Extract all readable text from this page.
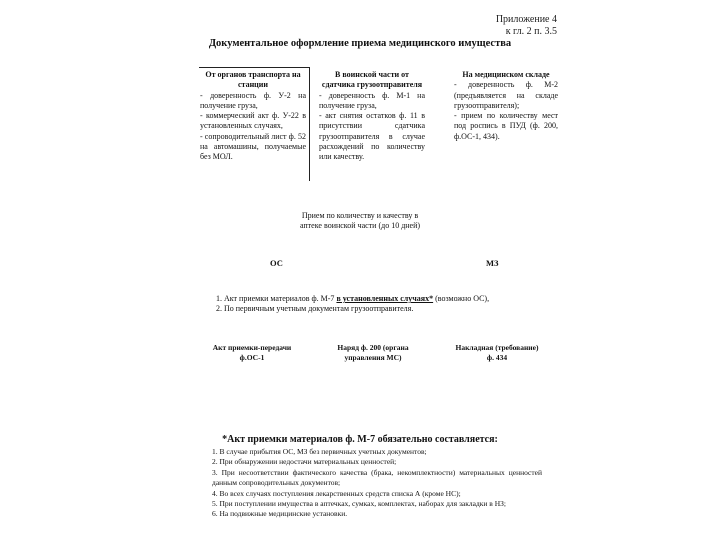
Приложение 4
к гл. 2 п. 3.5
Документальное оформление приема медицинского имущества
От органов транспорта на станции
- доверенность ф. У-2 на получение груза,
- коммерческий акт ф. У-22 в установленных случаях,
- сопроводительный лист ф. 52 на автомашины, получаемые без МОЛ.
В воинской части от сдатчика грузоотправителя
- доверенность ф. М-1 на получение груза,
- акт снятия остатков ф. 11 в присутствии сдатчика грузоотправителя в случае расхождений по количеству или качеству.
На медицинском складе
- доверенность ф. М-2 (предъявляется на складе грузоотправителя);
- прием по количеству мест под роспись в ПУД (ф. 200, ф.ОС-1, 434).
Прием по количеству и качеству в
аптеке воинской части (до 10 дней)
ОС	МЗ
1. Акт приемки материалов ф. М-7 в установленных случаях* (возможно ОС),
2. По первичным учетным документам грузоотправителя.
Акт приемки-передачи
ф.ОС-1
Наряд ф. 200 (органа
управления МС)
Накладная (требование)
ф. 434
*Акт приемки материалов ф. М-7 обязательно составляется:
1. В случае прибытия ОС, МЗ без первичных учетных документов;
2. При обнаружении недостачи материальных ценностей;
3. При несоответствии фактического качества (брака, некомплектности) материальных ценностей данным сопроводительных документов;
4. Во всех случаях поступления лекарственных средств списка А (кроме НС);
5. При поступлении имущества в аптечках, сумках, комплектах, наборах для закладки в НЗ;
6. На подвижные медицинские установки.
